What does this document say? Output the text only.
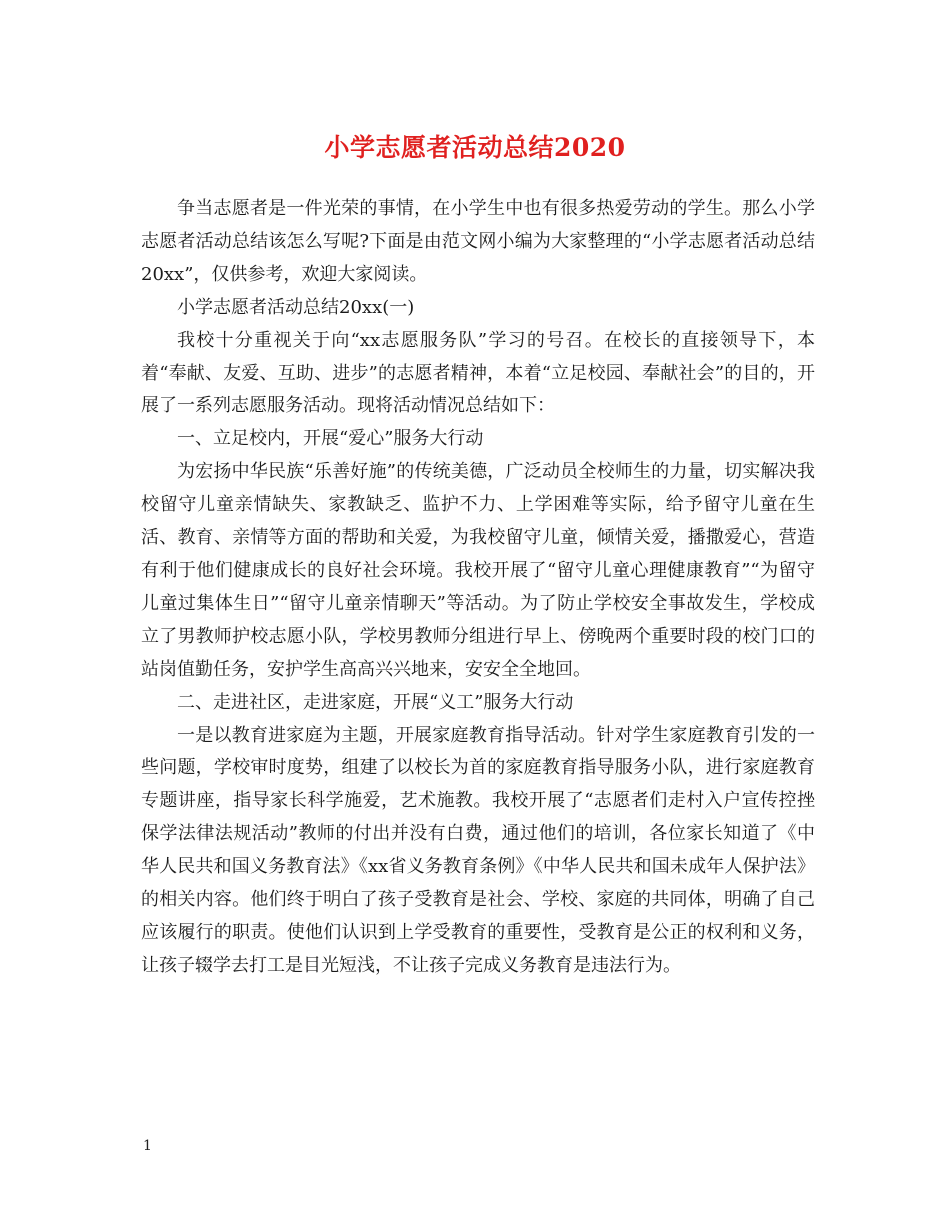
小学志愿者活动总结2020

争当志愿者是一件光荣的事情，在小学生中也有很多热爱劳动的学生。那么小学志愿者活动总结该怎么写呢?下面是由范文网小编为大家整理的“小学志愿者活动总结20xx”，仅供参考，欢迎大家阅读。

小学志愿者活动总结20xx(一)

我校十分重视关于向“xx志愿服务队”学习的号召。在校长的直接领导下，本着“奉献、友爱、互助、进步”的志愿者精神，本着“立足校园、奉献社会”的目的，开展了一系列志愿服务活动。现将活动情况总结如下：

一、立足校内，开展“爱心”服务大行动

为宏扬中华民族“乐善好施”的传统美德，广泛动员全校师生的力量，切实解决我校留守儿童亲情缺失、家教缺乏、监护不力、上学困难等实际，给予留守儿童在生活、教育、亲情等方面的帮助和关爱，为我校留守儿童，倾情关爱，播撒爱心，营造有利于他们健康成长的良好社会环境。我校开展了“留守儿童心理健康教育”“为留守儿童过集体生日”“留守儿童亲情聊天”等活动。为了防止学校安全事故发生，学校成立了男教师护校志愿小队，学校男教师分组进行早上、傍晚两个重要时段的校门口的站岗值勤任务，安护学生高高兴兴地来，安安全全地回。

二、走进社区，走进家庭，开展“义工”服务大行动

一是以教育进家庭为主题，开展家庭教育指导活动。针对学生家庭教育引发的一些问题，学校审时度势，组建了以校长为首的家庭教育指导服务小队，进行家庭教育专题讲座，指导家长科学施爱，艺术施教。我校开展了“志愿者们走村入户宣传控挫保学法律法规活动”教师的付出并没有白费，通过他们的培训，各位家长知道了《中华人民共和国义务教育法》《xx省义务教育条例》《中华人民共和国未成年人保护法》的相关内容。他们终于明白了孩子受教育是社会、学校、家庭的共同体，明确了自己应该履行的职责。使他们认识到上学受教育的重要性，受教育是公正的权利和义务，让孩子辍学去打工是目光短浅，不让孩子完成义务教育是违法行为。

1
